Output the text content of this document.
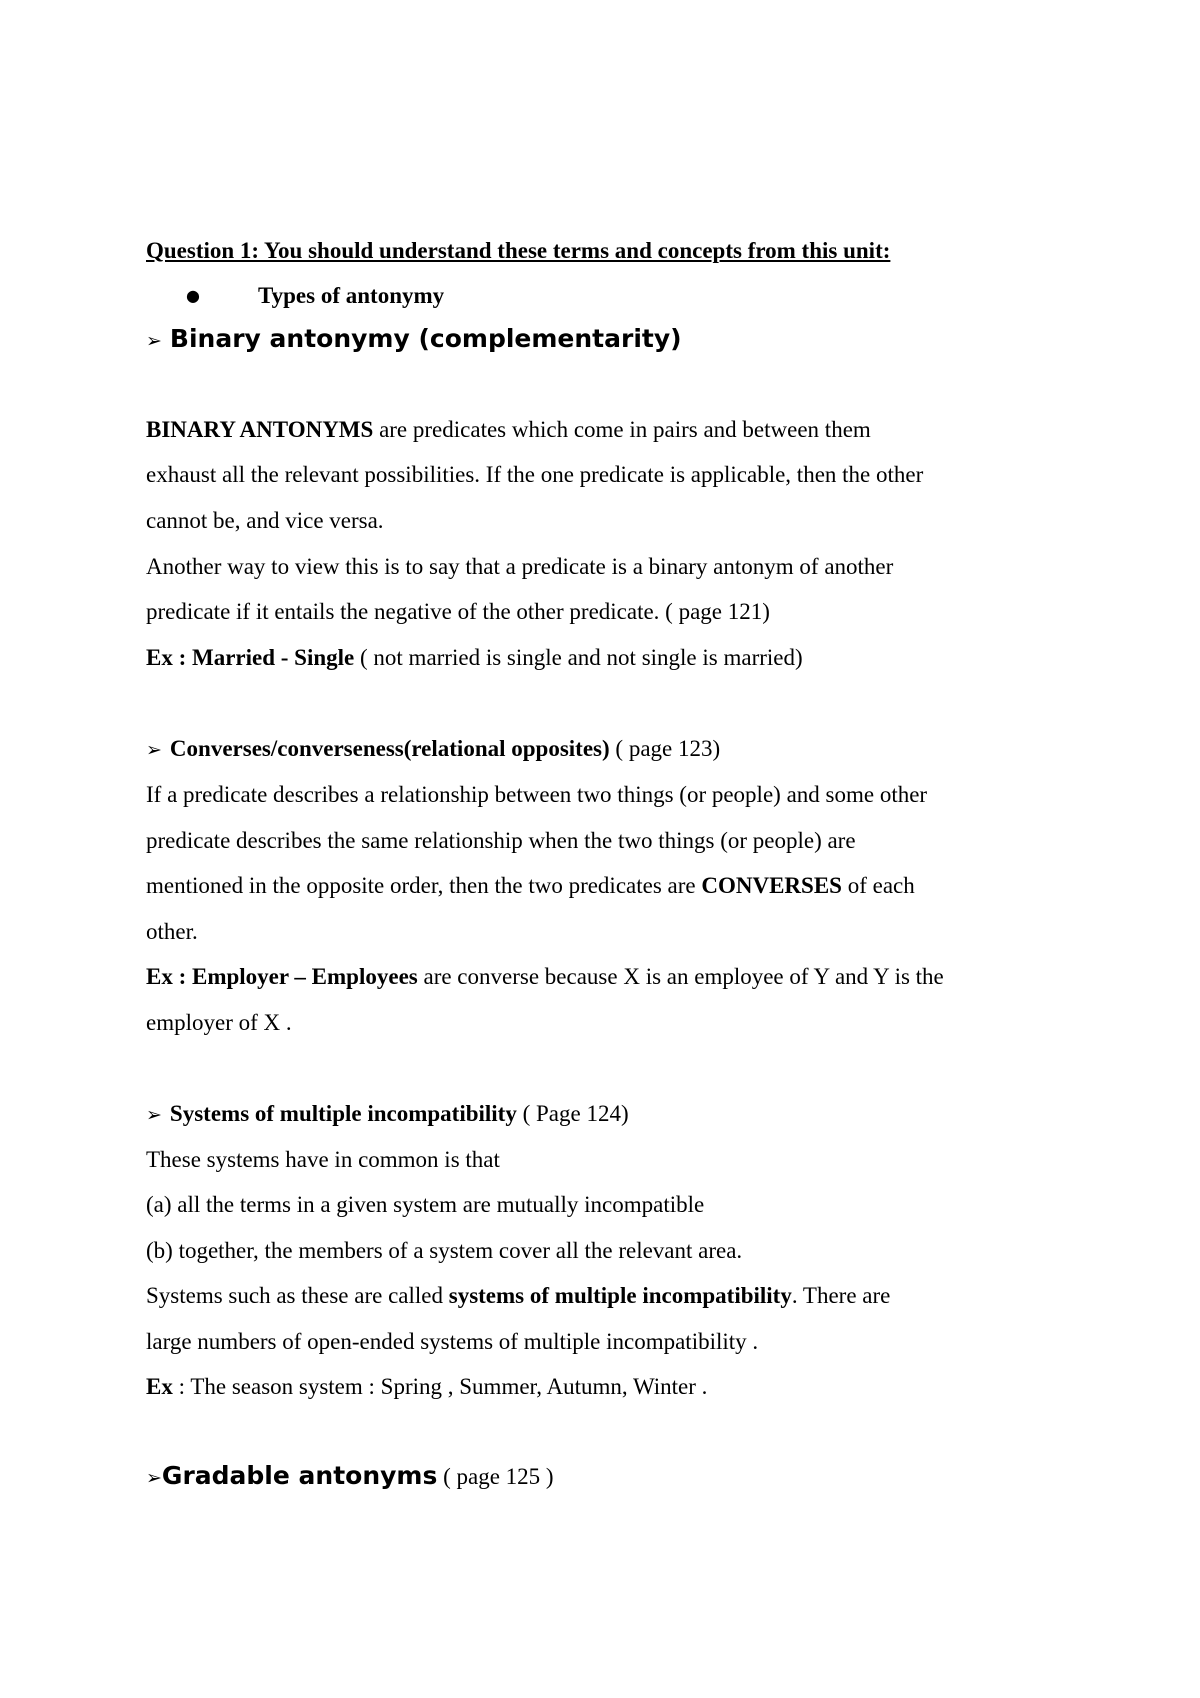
Question 1: You should understand these terms and concepts from this unit:
●	Types of antonymy
➢ Binary antonymy (complementarity)
BINARY ANTONYMS are predicates which come in pairs and between them
exhaust all the relevant possibilities. If the one predicate is applicable, then the other
cannot be, and vice versa.
Another way to view this is to say that a predicate is a binary antonym of another
predicate if it entails the negative of the other predicate. ( page 121)
Ex : Married - Single ( not married is single and not single is married)
➢ Converses/converseness(relational opposites) ( page 123)
If a predicate describes a relationship between two things (or people) and some other
predicate describes the same relationship when the two things (or people) are
mentioned in the opposite order, then the two predicates are CONVERSES of each
other.
Ex : Employer – Employees are converse because X is an employee of Y and Y is the
employer of X .
➢ Systems of multiple incompatibility ( Page 124)
These systems have in common is that
(a) all the terms in a given system are mutually incompatible
(b) together, the members of a system cover all the relevant area.
Systems such as these are called systems of multiple incompatibility. There are
large numbers of open-ended systems of multiple incompatibility .
Ex : The season system : Spring , Summer, Autumn, Winter .
➢Gradable antonyms ( page 125 )
